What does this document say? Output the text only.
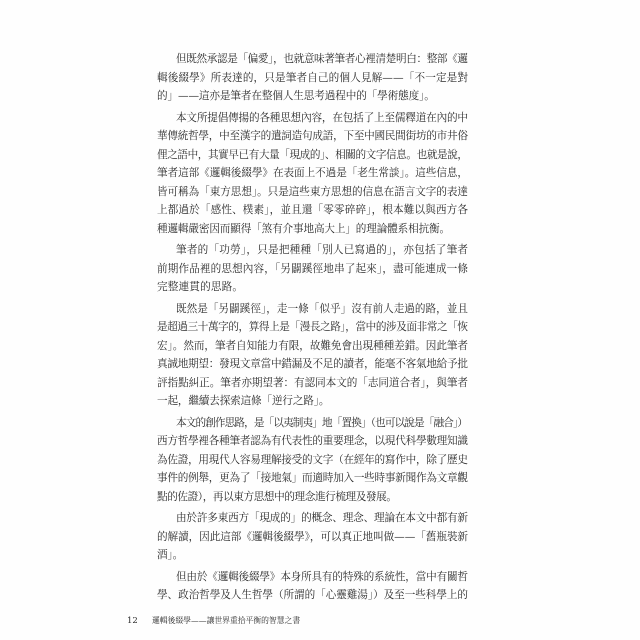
但既然承認是「偏愛」，也就意味著筆者心裡清楚明白：整部《邏
輯後綴學》所表達的，只是筆者自己的個人見解——「不一定是對
的」——這亦是筆者在整個人生思考過程中的「學術態度」。
本文所提倡傳揚的各種思想內容，在包括了上至儒釋道在內的中
華傳統哲學，中至漢字的遣詞造句成語，下至中國民間街坊的市井俗
俚之語中，其實早已有大量「現成的」、相關的文字信息。也就是說，
筆者這部《邏輯後綴學》在表面上不過是「老生常談」。這些信息，
皆可稱為「東方思想」。只是這些東方思想的信息在語言文字的表達
上都過於「感性、樸素」，並且還「零零碎碎」，根本難以與西方各
種邏輯嚴密因而顯得「煞有介事地高大上」的理論體系相抗衡。
筆者的「功勞」，只是把種種「別人已寫過的」，亦包括了筆者
前期作品裡的思想內容，「另闢蹊徑地串了起來」，盡可能連成一條
完整連貫的思路。
既然是「另闢蹊徑」，走一條「似乎」沒有前人走過的路，並且
是超過三十萬字的，算得上是「漫長之路」，當中的涉及面非常之「恢
宏」。然而，筆者自知能力有限，故難免會出現種種差錯。因此筆者
真誠地期望：發現文章當中錯漏及不足的讀者，能毫不客氣地給予批
評指點糾正。筆者亦期望著：有認同本文的「志同道合者」，與筆者
一起，繼續去探索這條「逆行之路」。
本文的創作思路，是「以夷制夷」地「置換」（也可以說是「融合」）
西方哲學裡各種筆者認為有代表性的重要理念，以現代科學數理知識
為佐證，用現代人容易理解接受的文字（在經年的寫作中，除了歷史
事件的例舉，更為了「接地氣」而適時加入一些時事新聞作為文章觀
點的佐證），再以東方思想中的理念進行梳理及發展。
由於許多東西方「現成的」的概念、理念、理論在本文中都有新
的解讀，因此這部《邏輯後綴學》，可以真正地叫做——「舊瓶裝新
酒」。
但由於《邏輯後綴學》本身所具有的特殊的系統性，當中有關哲
學、政治哲學及人生哲學（所謂的「心靈雞湯」）及至一些科學上的
12 邏輯後綴學——讓世界重拾平衡的智慧之書
